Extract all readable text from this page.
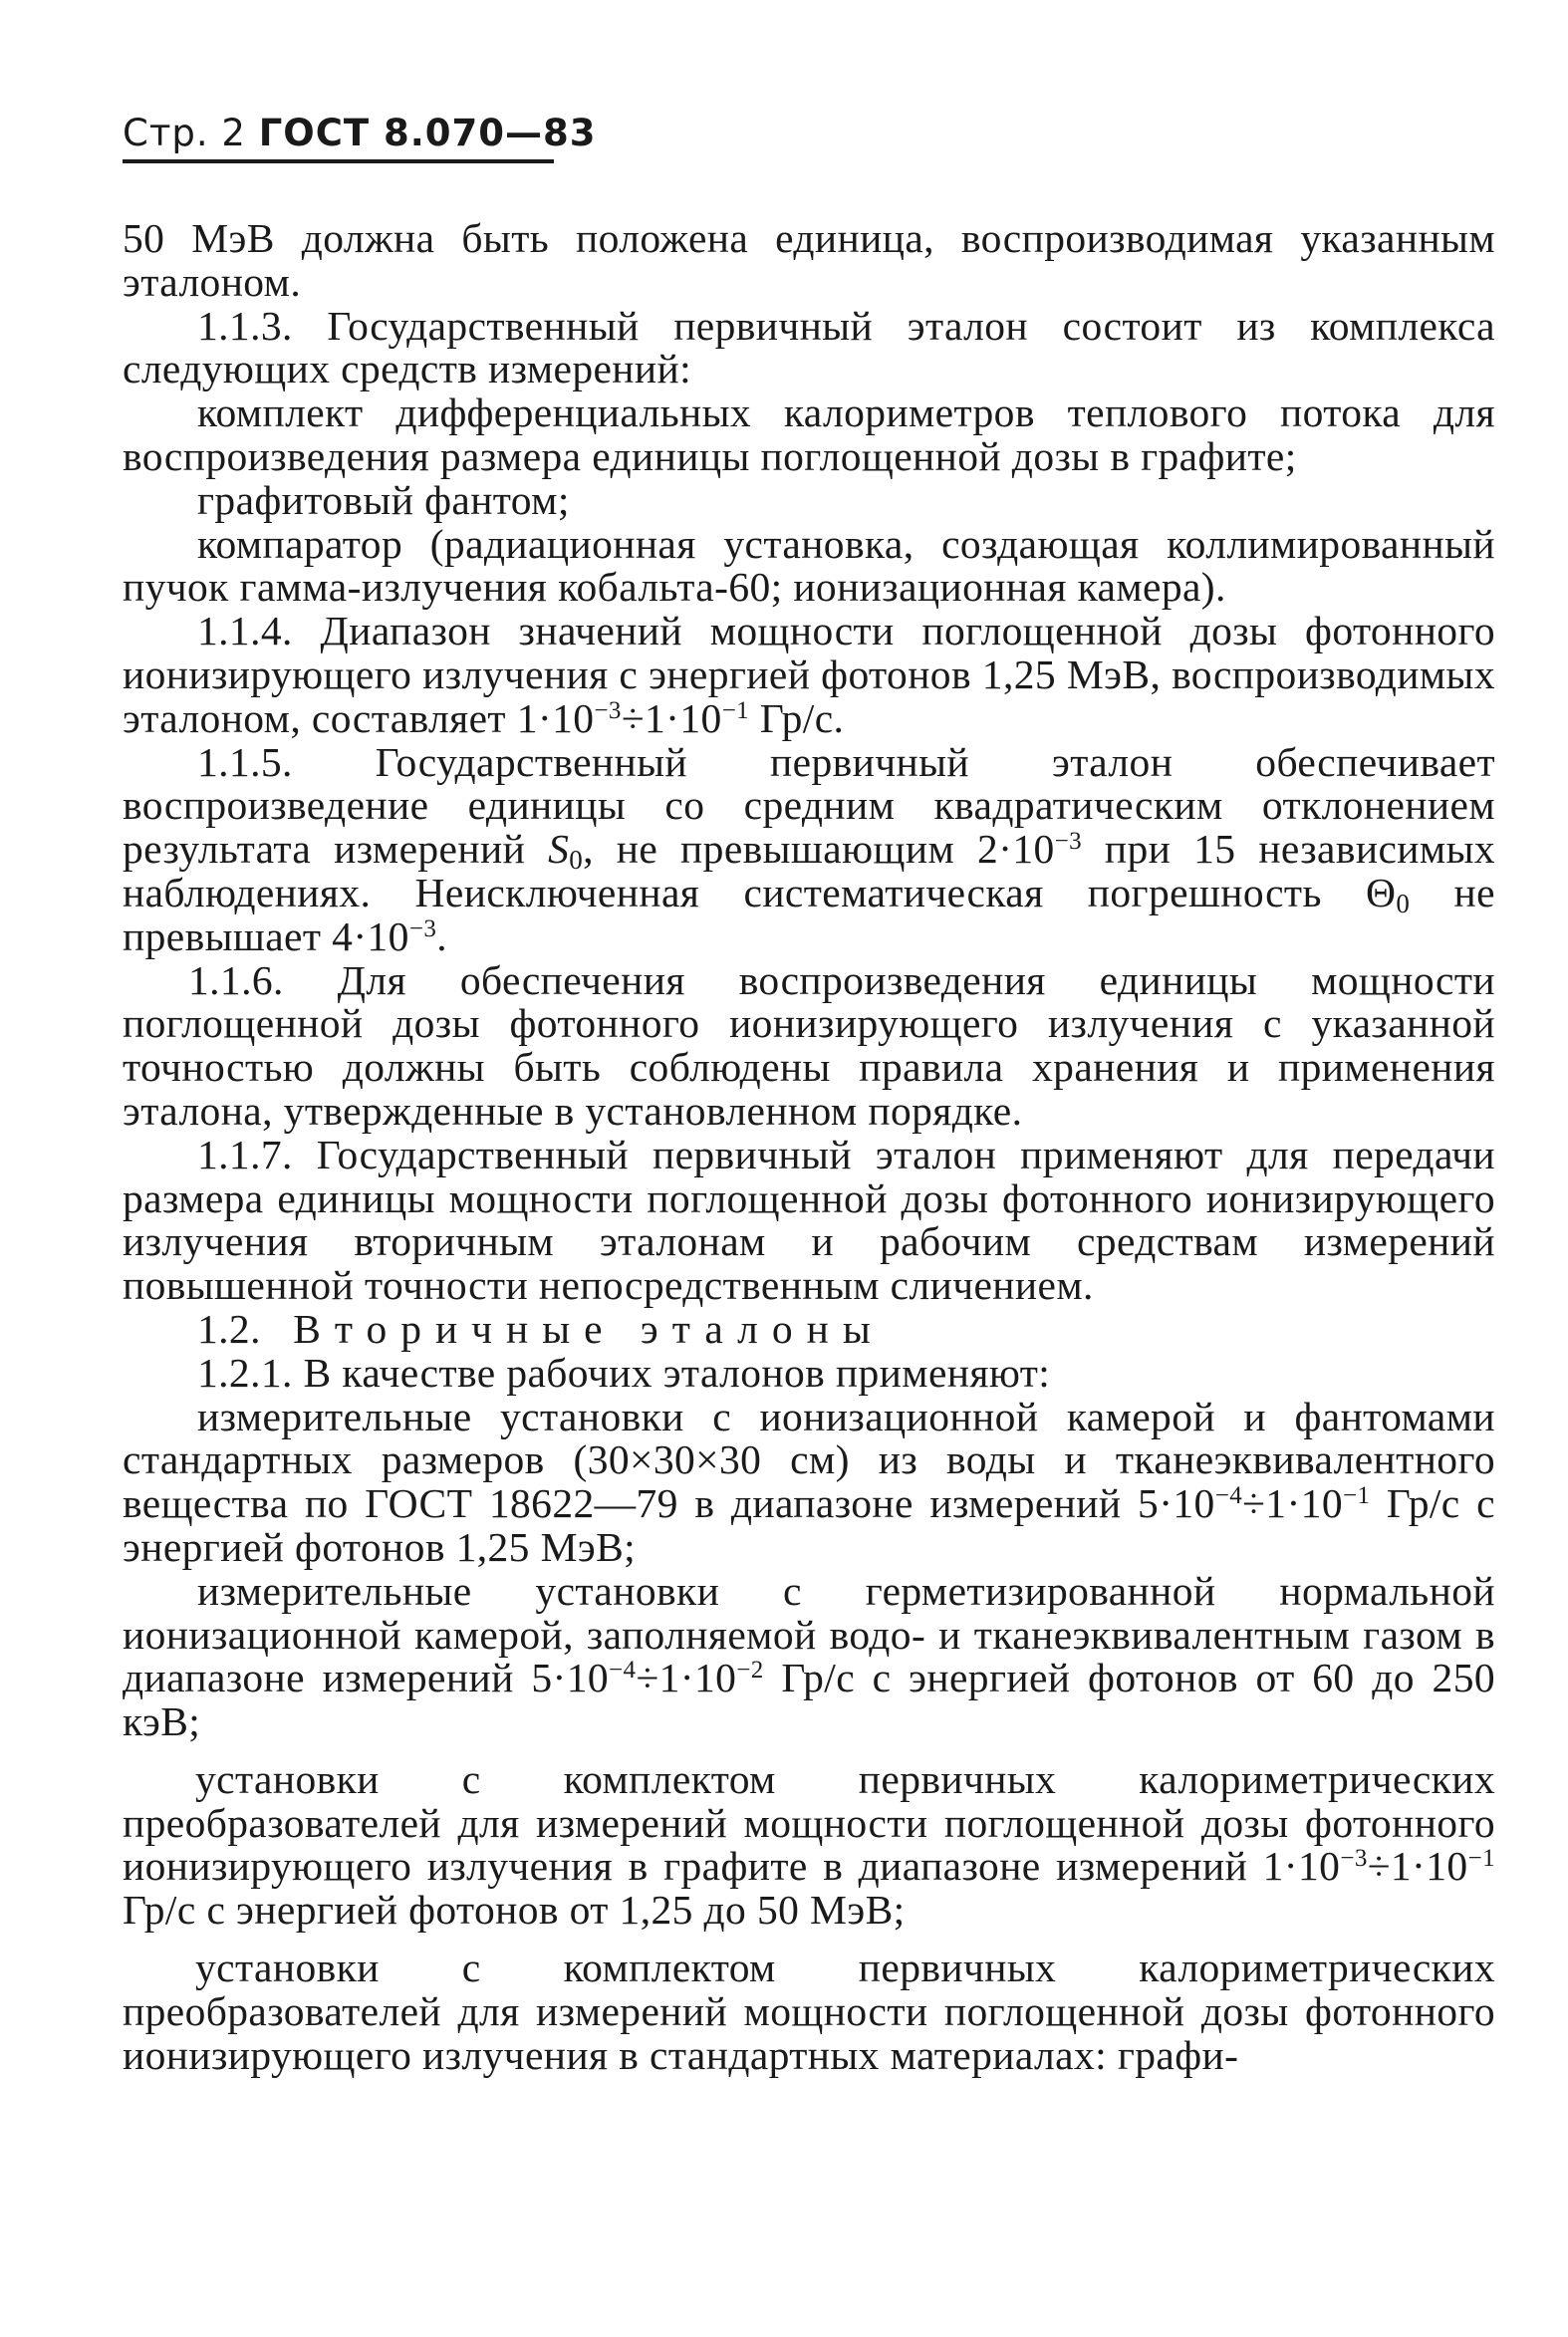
Стр. 2 ГОСТ 8.070—83

50 МэВ должна быть положена единица, воспроизводимая указанным эталоном.

1.1.3. Государственный первичный эталон состоит из комплекса следующих средств измерений:

комплект дифференциальных калориметров теплового потока для воспроизведения размера единицы поглощенной дозы в графите;

графитовый фантом;

компаратор (радиационная установка, создающая коллимированный пучок гамма-излучения кобальта-60; ионизационная камера).

1.1.4. Диапазон значений мощности поглощенной дозы фотонного ионизирующего излучения с энергией фотонов 1,25 МэВ, воспроизводимых эталоном, составляет $1\cdot 10^{-3}\div 1\cdot 10^{-1}$ Гр/с.

1.1.5. Государственный первичный эталон обеспечивает воспроизведение единицы со средним квадратическим отклонением результата измерений $S_0$, не превышающим $2\cdot 10^{-3}$ при 15 независимых наблюдениях. Неисключенная систематическая погрешность $\Theta_0$ не превышает $4\cdot 10^{-3}$.

1.1.6. Для обеспечения воспроизведения единицы мощности поглощенной дозы фотонного ионизирующего излучения с указанной точностью должны быть соблюдены правила хранения и применения эталона, утвержденные в установленном порядке.

1.1.7. Государственный первичный эталон применяют для передачи размера единицы мощности поглощенной дозы фотонного ионизирующего излучения вторичным эталонам и рабочим средствам измерений повышенной точности непосредственным сличением.

1.2. Вторичные эталоны

1.2.1. В качестве рабочих эталонов применяют:

измерительные установки с ионизационной камерой и фантомами стандартных размеров (30×30×30 см) из воды и тканеэквивалентного вещества по ГОСТ 18622—79 в диапазоне измерений $5\cdot 10^{-4}\div 1\cdot 10^{-1}$ Гр/с с энергией фотонов 1,25 МэВ;

измерительные установки с герметизированной нормальной ионизационной камерой, заполняемой водо- и тканеэквивалентным газом в диапазоне измерений $5\cdot 10^{-4}\div 1\cdot 10^{-2}$ Гр/с с энергией фотонов от 60 до 250 кэВ;

установки с комплектом первичных калориметрических преобразователей для измерений мощности поглощенной дозы фотонного ионизирующего излучения в графите в диапазоне измерений $1\cdot 10^{-3}\div 1\cdot 10^{-1}$ Гр/с с энергией фотонов от 1,25 до 50 МэВ;

установки с комплектом первичных калориметрических преобразователей для измерений мощности поглощенной дозы фотонного ионизирующего излучения в стандартных материалах: графи-
